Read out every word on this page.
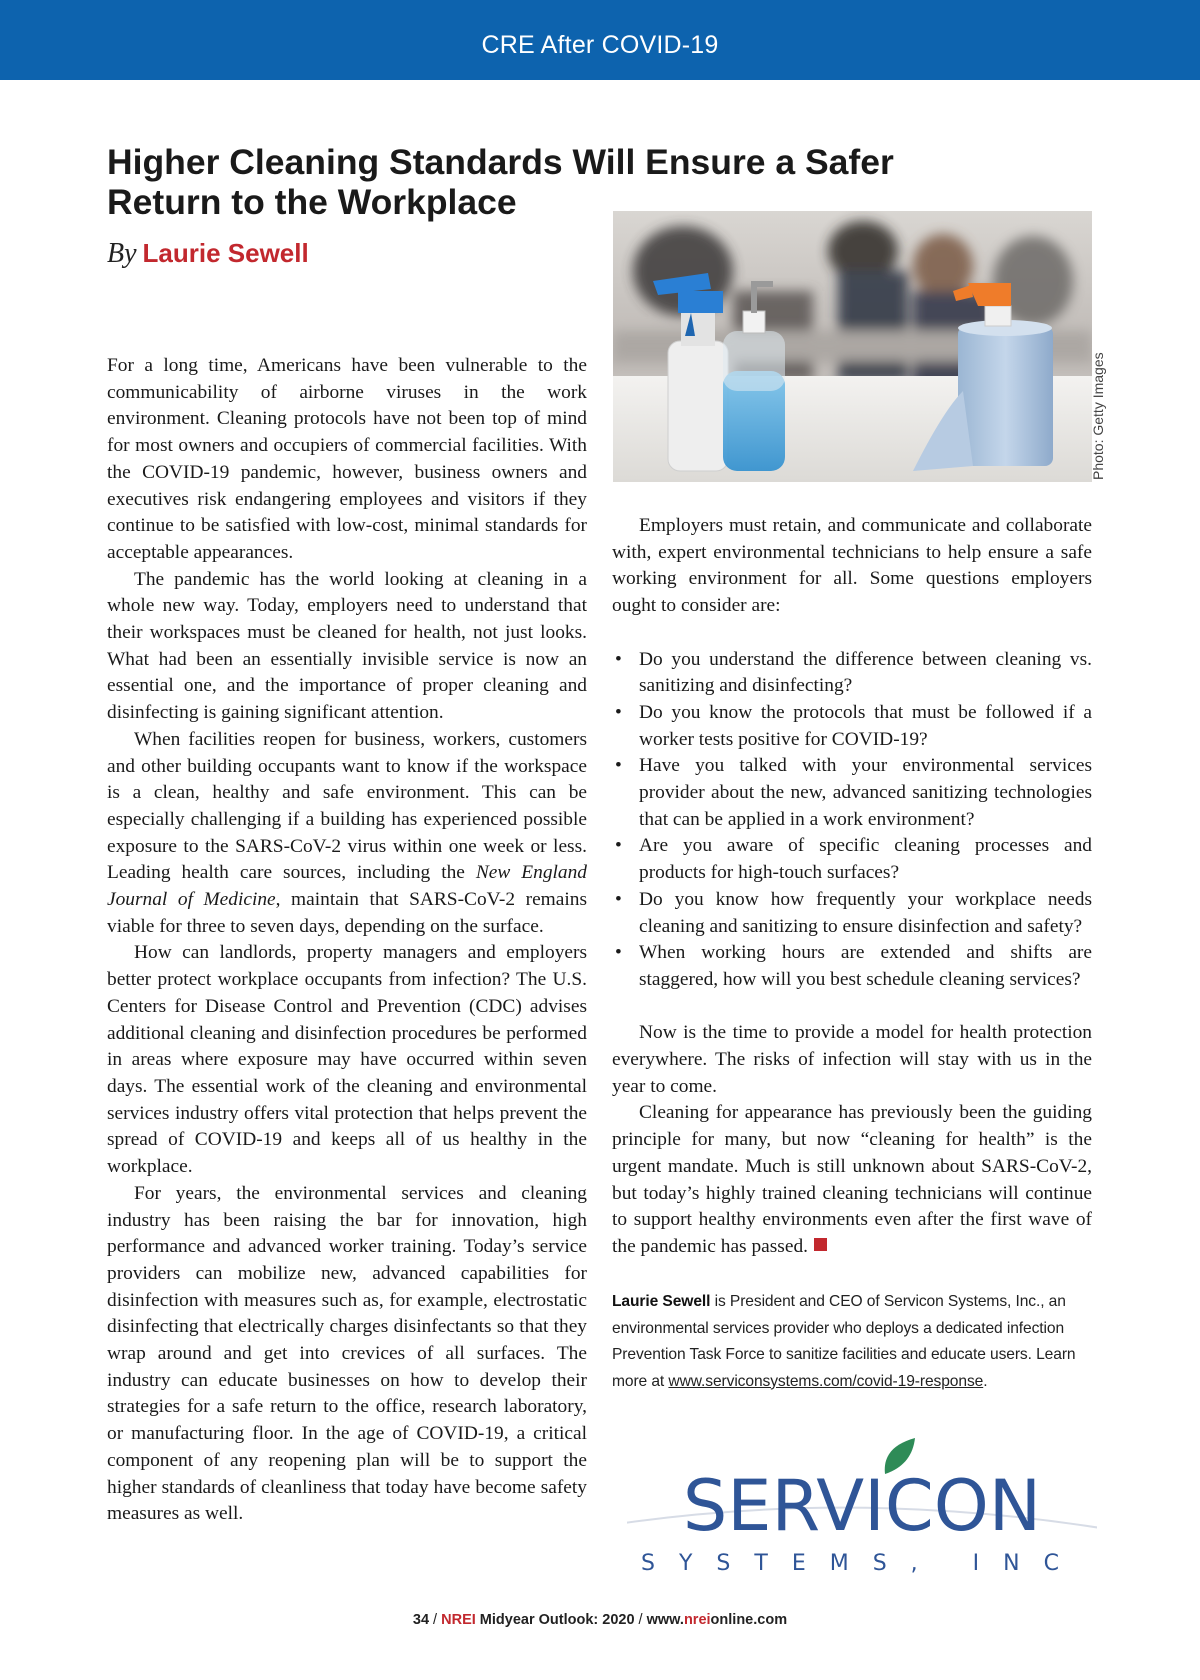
CRE After COVID-19
Higher Cleaning Standards Will Ensure a Safer Return to the Workplace
By Laurie Sewell
Photo: Getty Images

For a long time, Americans have been vulnerable to the communicability of airborne viruses in the work environment. Cleaning protocols have not been top of mind for most owners and occupiers of commercial facilities. With the COVID-19 pandemic, however, business owners and executives risk endangering employees and visitors if they continue to be satisfied with low-cost, minimal standards for acceptable appearances.

The pandemic has the world looking at cleaning in a whole new way. Today, employers need to understand that their workspaces must be cleaned for health, not just looks. What had been an essentially invisible service is now an essential one, and the importance of proper cleaning and disinfecting is gaining significant attention.

When facilities reopen for business, workers, customers and other building occupants want to know if the workspace is a clean, healthy and safe environment. This can be especially challenging if a building has experienced possible exposure to the SARS-CoV-2 virus within one week or less. Leading health care sources, including the New England Journal of Medicine, maintain that SARS-CoV-2 remains viable for three to seven days, depending on the surface.

How can landlords, property managers and employers better protect workplace occupants from infection? The U.S. Centers for Disease Control and Prevention (CDC) advises additional cleaning and disinfection procedures be performed in areas where exposure may have occurred within seven days. The essential work of the cleaning and environmental services industry offers vital protection that helps prevent the spread of COVID-19 and keeps all of us healthy in the workplace.

For years, the environmental services and cleaning industry has been raising the bar for innovation, high performance and advanced worker training. Today’s service providers can mobilize new, advanced capabilities for disinfection with measures such as, for example, electrostatic disinfecting that electrically charges disinfectants so that they wrap around and get into crevices of all surfaces. The industry can educate businesses on how to develop their strategies for a safe return to the office, research laboratory, or manufacturing floor. In the age of COVID-19, a critical component of any reopening plan will be to support the higher standards of cleanliness that today have become safety measures as well.

Employers must retain, and communicate and collaborate with, expert environmental technicians to help ensure a safe working environment for all. Some questions employers ought to consider are:

• Do you understand the difference between cleaning vs. sanitizing and disinfecting?
• Do you know the protocols that must be followed if a worker tests positive for COVID-19?
• Have you talked with your environmental services provider about the new, advanced sanitizing technologies that can be applied in a work environment?
• Are you aware of specific cleaning processes and products for high-touch surfaces?
• Do you know how frequently your workplace needs cleaning and sanitizing to ensure disinfection and safety?
• When working hours are extended and shifts are staggered, how will you best schedule cleaning services?

Now is the time to provide a model for health protection everywhere. The risks of infection will stay with us in the year to come.

Cleaning for appearance has previously been the guiding principle for many, but now “cleaning for health” is the urgent mandate. Much is still unknown about SARS-CoV-2, but today’s highly trained cleaning technicians will continue to support healthy environments even after the first wave of the pandemic has passed.

Laurie Sewell is President and CEO of Servicon Systems, Inc., an environmental services provider who deploys a dedicated infection Prevention Task Force to sanitize facilities and educate users. Learn more at www.serviconsystems.com/covid-19-response.
SERVICON
SYSTEMS, INC
34 / NREI Midyear Outlook: 2020 / www.nreionline.com
